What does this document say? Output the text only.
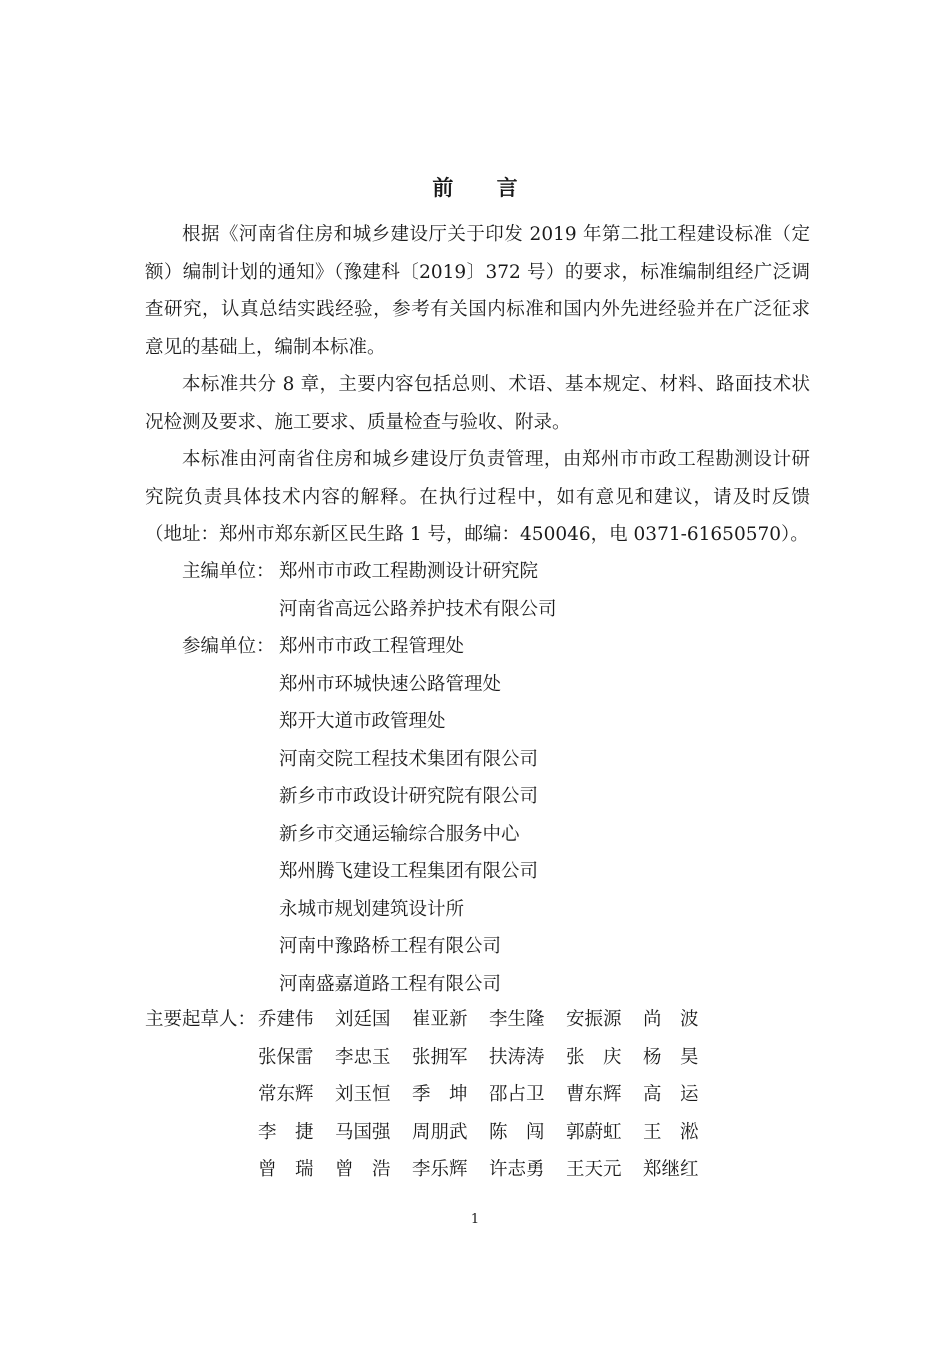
前 言

根据《河南省住房和城乡建设厅关于印发 2019 年第二批工程建设标准（定额）编制计划的通知》（豫建科〔2019〕372 号）的要求，标准编制组经广泛调查研究，认真总结实践经验，参考有关国内标准和国内外先进经验并在广泛征求意见的基础上，编制本标准。

本标准共分 8 章，主要内容包括总则、术语、基本规定、材料、路面技术状况检测及要求、施工要求、质量检查与验收、附录。

本标准由河南省住房和城乡建设厅负责管理，由郑州市市政工程勘测设计研究院负责具体技术内容的解释。在执行过程中，如有意见和建议，请及时反馈（地址：郑州市郑东新区民生路 1 号，邮编：450046，电 0371-61650570）。

主编单位： 郑州市市政工程勘测设计研究院
河南省高远公路养护技术有限公司
参编单位： 郑州市市政工程管理处
郑州市环城快速公路管理处
郑开大道市政管理处
河南交院工程技术集团有限公司
新乡市市政设计研究院有限公司
新乡市交通运输综合服务中心
郑州腾飞建设工程集团有限公司
永城市规划建筑设计所
河南中豫路桥工程有限公司
河南盛嘉道路工程有限公司
主要起草人： 乔建伟	刘廷国	崔亚新	李生隆	安振源	尚　波
张保雷	李忠玉	张拥军	扶涛涛	张　庆	杨　昊
常东辉	刘玉恒	季　坤	邵占卫	曹东辉	高　运
李　捷	马国强	周朋武	陈　闯	郭蔚虹	王　淞
曾　瑞	曾　浩	李乐辉	许志勇	王天元	郑继红
1
